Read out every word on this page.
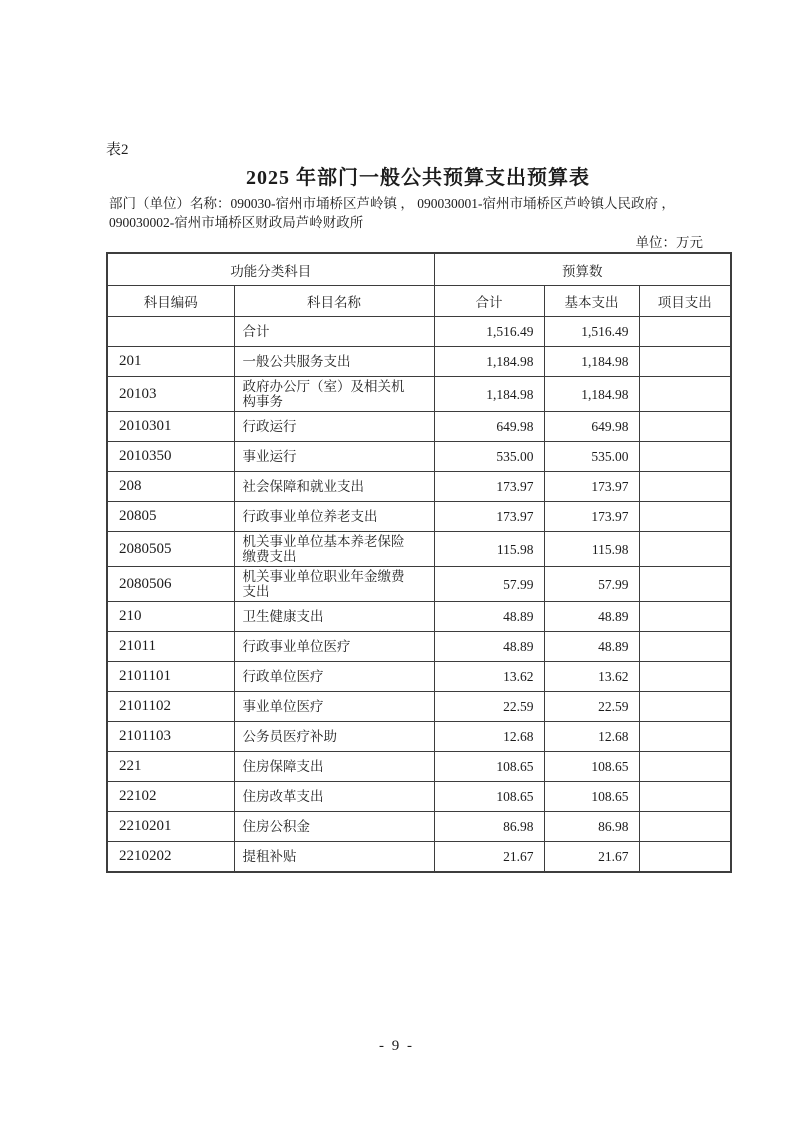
表2
2025 年部门一般公共预算支出预算表
部门（单位）名称：090030-宿州市埇桥区芦岭镇 ， 090030001-宿州市埇桥区芦岭镇人民政府 ，
090030002-宿州市埇桥区财政局芦岭财政所
单位：万元
功能分类科目		预算数		
科目编码	科目名称	合计	基本支出	项目支出
	合计	1,516.49	1,516.49	
201	一般公共服务支出	1,184.98	1,184.98	
20103	政府办公厅（室）及相关机构事务	1,184.98	1,184.98	
2010301	行政运行	649.98	649.98	
2010350	事业运行	535.00	535.00	
208	社会保障和就业支出	173.97	173.97	
20805	行政事业单位养老支出	173.97	173.97	
2080505	机关事业单位基本养老保险缴费支出	115.98	115.98	
2080506	机关事业单位职业年金缴费支出	57.99	57.99	
210	卫生健康支出	48.89	48.89	
21011	行政事业单位医疗	48.89	48.89	
2101101	行政单位医疗	13.62	13.62	
2101102	事业单位医疗	22.59	22.59	
2101103	公务员医疗补助	12.68	12.68	
221	住房保障支出	108.65	108.65	
22102	住房改革支出	108.65	108.65	
2210201	住房公积金	86.98	86.98	
2210202	提租补贴	21.67	21.67	
- 9 -
